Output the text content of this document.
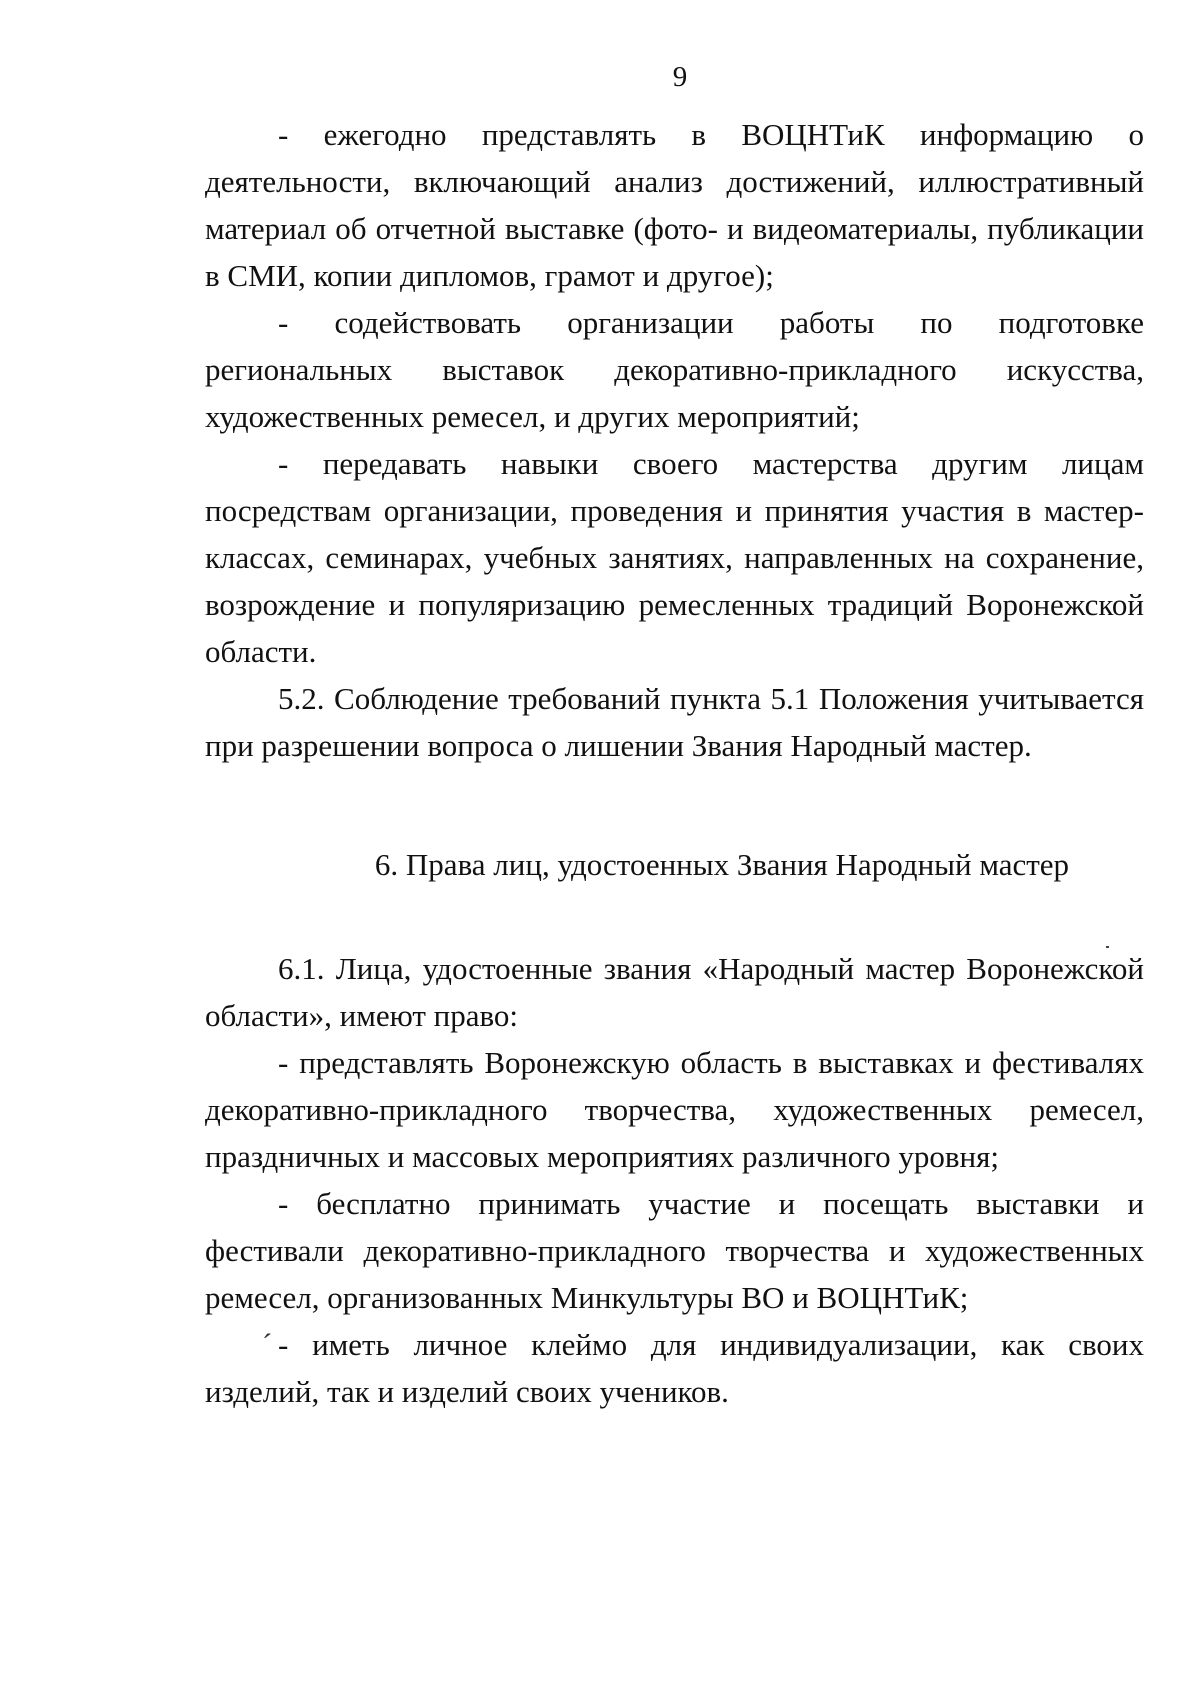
9

- ежегодно представлять в ВОЦНТиК информацию о деятельности, включающий анализ достижений, иллюстративный материал об отчетной выставке (фото- и видеоматериалы, публикации в СМИ, копии дипломов, грамот и другое);

- содействовать организации работы по подготовке региональных выставок декоративно-прикладного искусства, художественных ремесел, и других мероприятий;

- передавать навыки своего мастерства другим лицам посредствам организации, проведения и принятия участия в мастер-классах, семинарах, учебных занятиях, направленных на сохранение, возрождение и популяризацию ремесленных традиций Воронежской области.

5.2. Соблюдение требований пункта 5.1 Положения учитывается при разрешении вопроса о лишении Звания Народный мастер.

6. Права лиц, удостоенных Звания Народный мастер

6.1. Лица, удостоенные звания «Народный мастер Воронежской области», имеют право:

- представлять Воронежскую область в выставках и фестивалях декоративно-прикладного творчества, художественных ремесел, праздничных и массовых мероприятиях различного уровня;

- бесплатно принимать участие и посещать выставки и фестивали декоративно-прикладного творчества и художественных ремесел, организованных Минкультуры ВО и ВОЦНТиК;

ˊ - иметь личное клеймо для индивидуализации, как своих изделий, так и изделий своих учеников.
